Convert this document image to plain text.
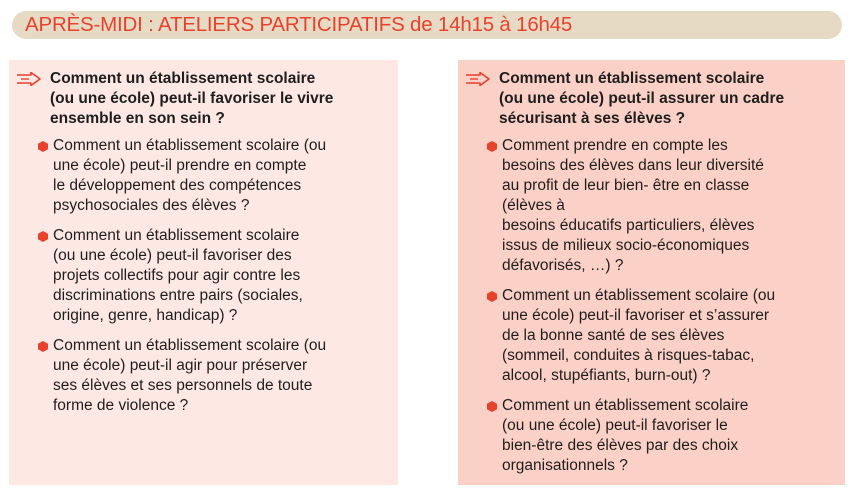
APRÈS-MIDI : ATELIERS PARTICIPATIFS de 14h15 à 16h45
Comment un établissement scolaire
(ou une école) peut-il favoriser le vivre
ensemble en son sein ?
Comment un établissement scolaire (ou
une école) peut-il prendre en compte
le développement des compétences
psychosociales des élèves ?
Comment un établissement scolaire
(ou une école) peut-il favoriser des
projets collectifs pour agir contre les
discriminations entre pairs (sociales,
origine, genre, handicap) ?
Comment un établissement scolaire (ou
une école) peut-il agir pour préserver
ses élèves et ses personnels de toute
forme de violence ?
Comment un établissement scolaire
(ou une école) peut-il assurer un cadre
sécurisant à ses élèves ?
Comment prendre en compte les
besoins des élèves dans leur diversité
au profit de leur bien- être en classe
(élèves à
besoins éducatifs particuliers, élèves
issus de milieux socio-économiques
défavorisés, …) ?
Comment un établissement scolaire (ou
une école) peut-il favoriser et s’assurer
de la bonne santé de ses élèves
(sommeil, conduites à risques-tabac,
alcool, stupéfiants, burn-out) ?
Comment un établissement scolaire
(ou une école) peut-il favoriser le
bien-être des élèves par des choix
organisationnels ?
